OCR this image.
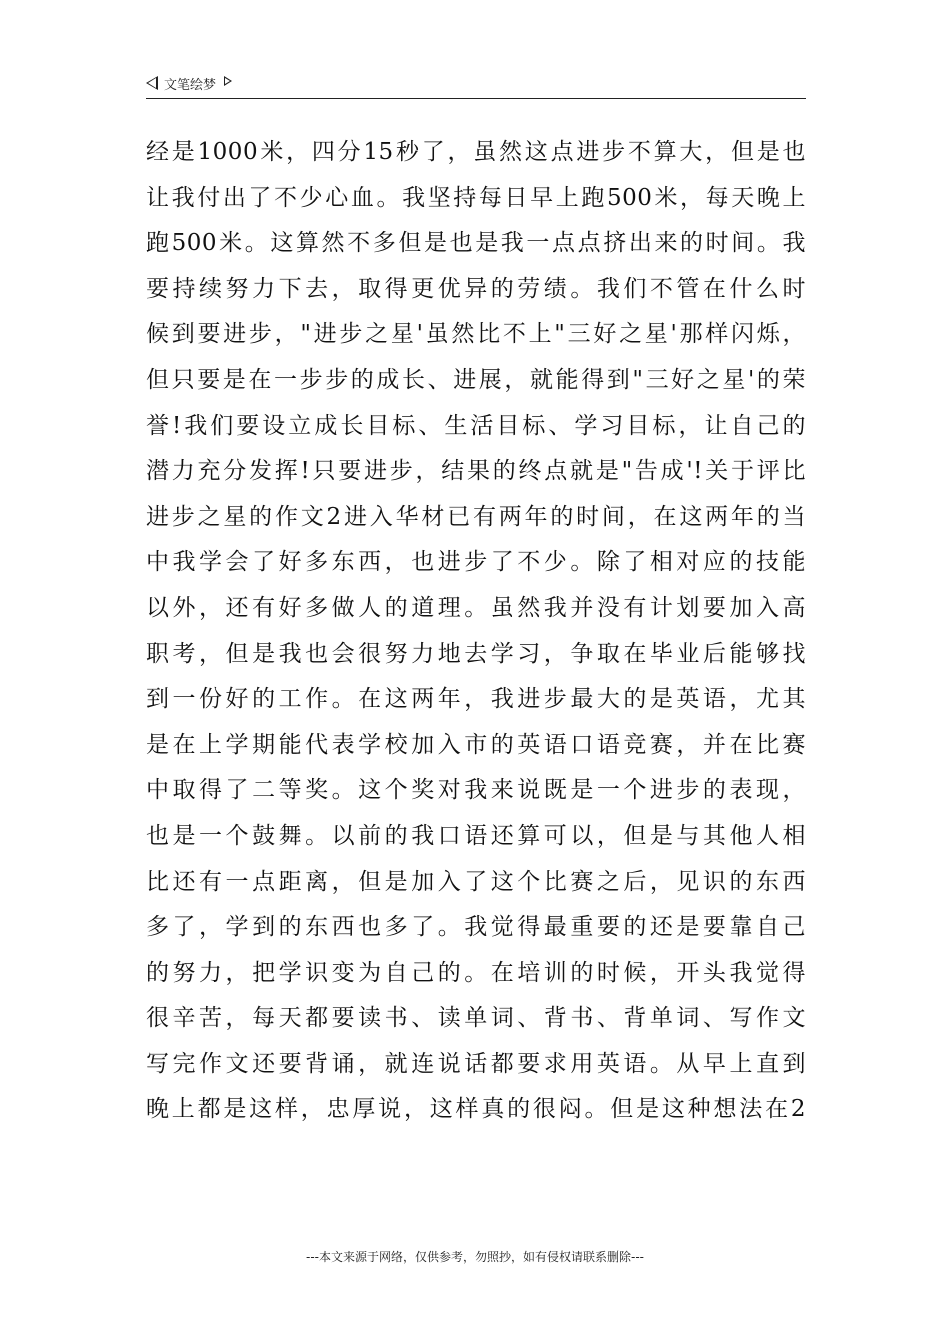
文笔绘梦
经是1000米，四分15秒了，虽然这点进步不算大，但是也
让我付出了不少心血。我坚持每日早上跑500米，每天晚上
跑500米。这算然不多但是也是我一点点挤出来的时间。我
要持续努力下去，取得更优异的劳绩。我们不管在什么时
候到要进步，"进步之星'虽然比不上"三好之星'那样闪烁，
但只要是在一步步的成长、进展，就能得到"三好之星'的荣
誉!我们要设立成长目标、生活目标、学习目标，让自己的
潜力充分发挥!只要进步，结果的终点就是"告成'!关于评比
进步之星的作文2进入华材已有两年的时间，在这两年的当
中我学会了好多东西，也进步了不少。除了相对应的技能
以外，还有好多做人的道理。虽然我并没有计划要加入高
职考，但是我也会很努力地去学习，争取在毕业后能够找
到一份好的工作。在这两年，我进步最大的是英语，尤其
是在上学期能代表学校加入市的英语口语竞赛，并在比赛
中取得了二等奖。这个奖对我来说既是一个进步的表现，
也是一个鼓舞。以前的我口语还算可以，但是与其他人相
比还有一点距离，但是加入了这个比赛之后，见识的东西
多了，学到的东西也多了。我觉得最重要的还是要靠自己
的努力，把学识变为自己的。在培训的时候，开头我觉得
很辛苦，每天都要读书、读单词、背书、背单词、写作文
写完作文还要背诵，就连说话都要求用英语。从早上直到
晚上都是这样，忠厚说，这样真的很闷。但是这种想法在2
---本文来源于网络，仅供参考，勿照抄，如有侵权请联系删除---
